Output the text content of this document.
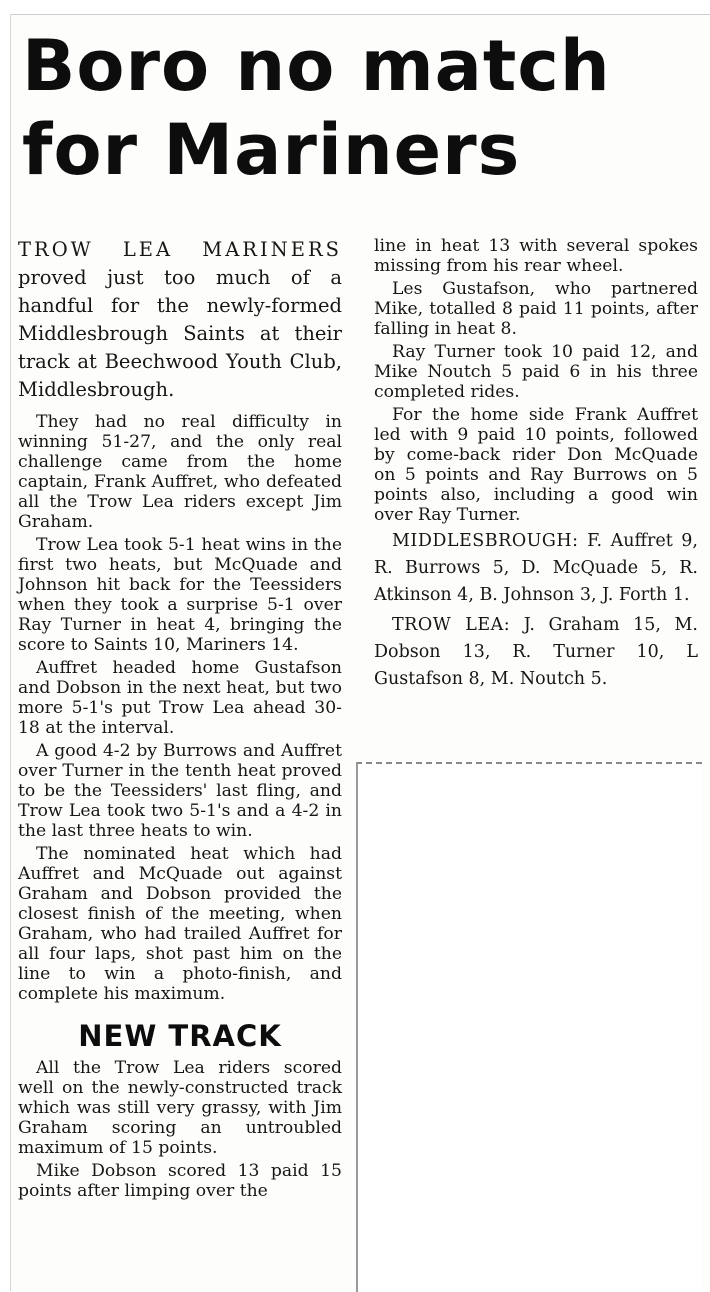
Boro no match
for Mariners

TROW LEA MARINERS proved just too much of a handful for the newly-formed Middlesbrough Saints at their track at Beechwood Youth Club, Middlesbrough.

They had no real difficulty in winning 51-27, and the only real challenge came from the home captain, Frank Auffret, who defeated all the Trow Lea riders except Jim Graham.

Trow Lea took 5-1 heat wins in the first two heats, but McQuade and Johnson hit back for the Teessiders when they took a surprise 5-1 over Ray Turner in heat 4, bringing the score to Saints 10, Mariners 14.

Auffret headed home Gustafson and Dobson in the next heat, but two more 5-1's put Trow Lea ahead 30-18 at the interval.

A good 4-2 by Burrows and Auffret over Turner in the tenth heat proved to be the Teessiders' last fling, and Trow Lea took two 5-1's and a 4-2 in the last three heats to win.

The nominated heat which had Auffret and McQuade out against Graham and Dobson provided the closest finish of the meeting, when Graham, who had trailed Auffret for all four laps, shot past him on the line to win a photo-finish, and complete his maximum.

NEW TRACK

All the Trow Lea riders scored well on the newly-constructed track which was still very grassy, with Jim Graham scoring an untroubled maximum of 15 points.

Mike Dobson scored 13 paid 15 points after limping over the

line in heat 13 with several spokes missing from his rear wheel.

Les Gustafson, who partnered Mike, totalled 8 paid 11 points, after falling in heat 8.

Ray Turner took 10 paid 12, and Mike Noutch 5 paid 6 in his three completed rides.

For the home side Frank Auffret led with 9 paid 10 points, followed by come-back rider Don McQuade on 5 points and Ray Burrows on 5 points also, including a good win over Ray Turner.

MIDDLESBROUGH: F. Auffret 9, R. Burrows 5, D. McQuade 5, R. Atkinson 4, B. Johnson 3, J. Forth 1.

TROW LEA: J. Graham 15, M. Dobson 13, R. Turner 10, L Gustafson 8, M. Noutch 5.
